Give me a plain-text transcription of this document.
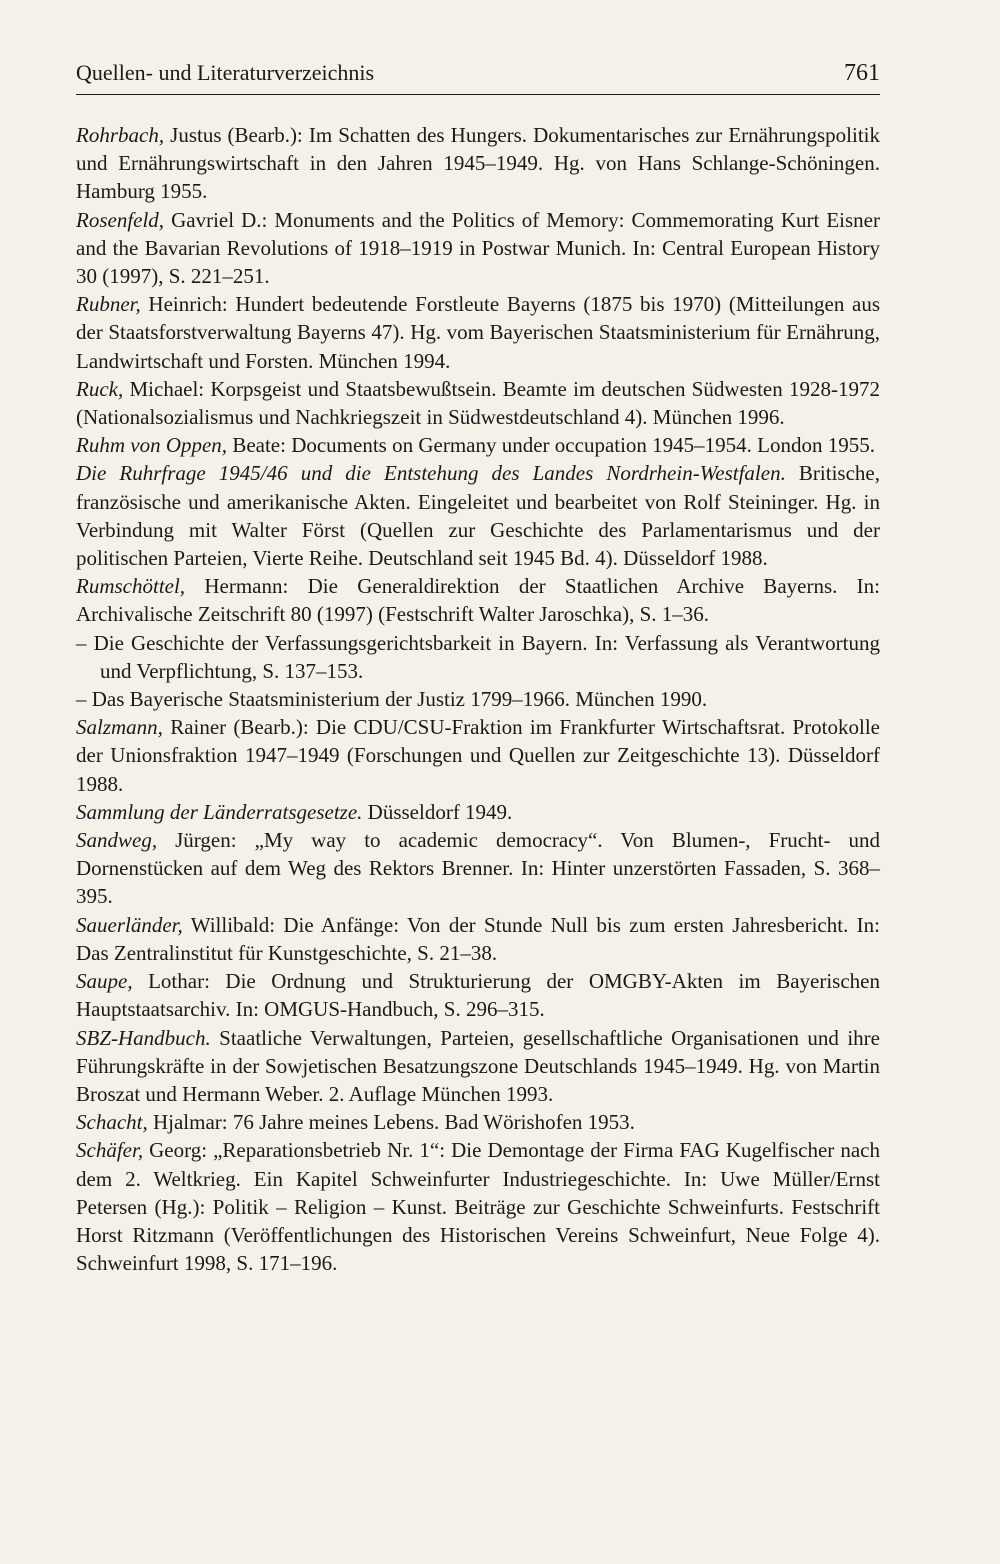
Quellen- und Literaturverzeichnis	761

Rohrbach, Justus (Bearb.): Im Schatten des Hungers. Dokumentarisches zur Ernährungspolitik und Ernährungswirtschaft in den Jahren 1945–1949. Hg. von Hans Schlange-Schöningen. Hamburg 1955.

Rosenfeld, Gavriel D.: Monuments and the Politics of Memory: Commemorating Kurt Eisner and the Bavarian Revolutions of 1918–1919 in Postwar Munich. In: Central European History 30 (1997), S. 221–251.

Rubner, Heinrich: Hundert bedeutende Forstleute Bayerns (1875 bis 1970) (Mitteilungen aus der Staatsforstverwaltung Bayerns 47). Hg. vom Bayerischen Staatsministerium für Ernährung, Landwirtschaft und Forsten. München 1994.

Ruck, Michael: Korpsgeist und Staatsbewußtsein. Beamte im deutschen Südwesten 1928-1972 (Nationalsozialismus und Nachkriegszeit in Südwestdeutschland 4). München 1996.

Ruhm von Oppen, Beate: Documents on Germany under occupation 1945–1954. London 1955.

Die Ruhrfrage 1945/46 und die Entstehung des Landes Nordrhein-Westfalen. Britische, französische und amerikanische Akten. Eingeleitet und bearbeitet von Rolf Steininger. Hg. in Verbindung mit Walter Först (Quellen zur Geschichte des Parlamentarismus und der politischen Parteien, Vierte Reihe. Deutschland seit 1945 Bd. 4). Düsseldorf 1988.

Rumschöttel, Hermann: Die Generaldirektion der Staatlichen Archive Bayerns. In: Archivalische Zeitschrift 80 (1997) (Festschrift Walter Jaroschka), S. 1–36.

– Die Geschichte der Verfassungsgerichtsbarkeit in Bayern. In: Verfassung als Verantwortung und Verpflichtung, S. 137–153.

– Das Bayerische Staatsministerium der Justiz 1799–1966. München 1990.

Salzmann, Rainer (Bearb.): Die CDU/CSU-Fraktion im Frankfurter Wirtschaftsrat. Protokolle der Unionsfraktion 1947–1949 (Forschungen und Quellen zur Zeitgeschichte 13). Düsseldorf 1988.

Sammlung der Länderratsgesetze. Düsseldorf 1949.

Sandweg, Jürgen: „My way to academic democracy“. Von Blumen-, Frucht- und Dornenstücken auf dem Weg des Rektors Brenner. In: Hinter unzerstörten Fassaden, S. 368–395.

Sauerländer, Willibald: Die Anfänge: Von der Stunde Null bis zum ersten Jahresbericht. In: Das Zentralinstitut für Kunstgeschichte, S. 21–38.

Saupe, Lothar: Die Ordnung und Strukturierung der OMGBY-Akten im Bayerischen Hauptstaatsarchiv. In: OMGUS-Handbuch, S. 296–315.

SBZ-Handbuch. Staatliche Verwaltungen, Parteien, gesellschaftliche Organisationen und ihre Führungskräfte in der Sowjetischen Besatzungszone Deutschlands 1945–1949. Hg. von Martin Broszat und Hermann Weber. 2. Auflage München 1993.

Schacht, Hjalmar: 76 Jahre meines Lebens. Bad Wörishofen 1953.

Schäfer, Georg: „Reparationsbetrieb Nr. 1“: Die Demontage der Firma FAG Kugelfischer nach dem 2. Weltkrieg. Ein Kapitel Schweinfurter Industriegeschichte. In: Uwe Müller/Ernst Petersen (Hg.): Politik – Religion – Kunst. Beiträge zur Geschichte Schweinfurts. Festschrift Horst Ritzmann (Veröffentlichungen des Historischen Vereins Schweinfurt, Neue Folge 4). Schweinfurt 1998, S. 171–196.
